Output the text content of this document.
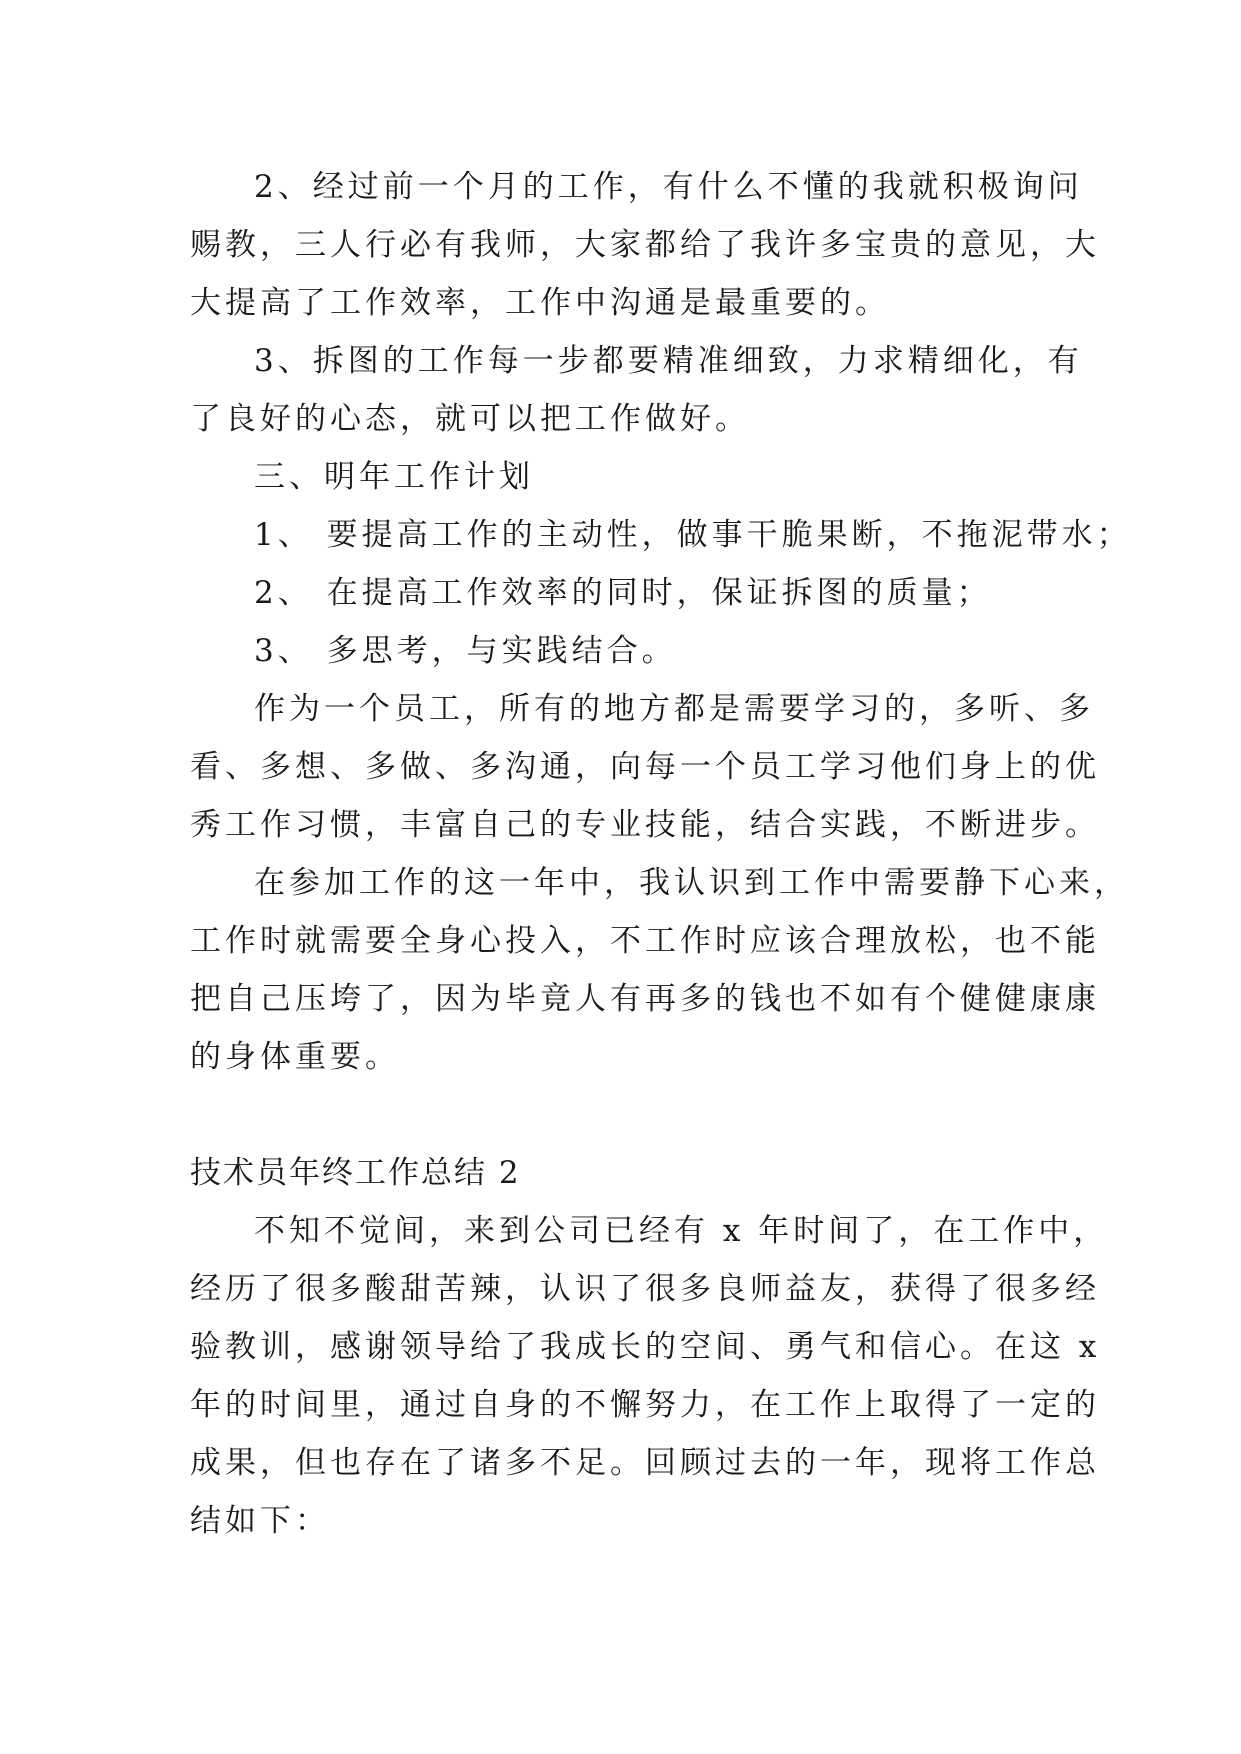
2、经过前一个月的工作，有什么不懂的我就积极询问
赐教，三人行必有我师，大家都给了我许多宝贵的意见，大
大提高了工作效率，工作中沟通是最重要的。
3、拆图的工作每一步都要精准细致，力求精细化，有
了良好的心态，就可以把工作做好。
三、明年工作计划
1、 要提高工作的主动性，做事干脆果断，不拖泥带水；
2、 在提高工作效率的同时，保证拆图的质量；
3、 多思考，与实践结合。
作为一个员工，所有的地方都是需要学习的，多听、多
看、多想、多做、多沟通，向每一个员工学习他们身上的优
秀工作习惯，丰富自己的专业技能，结合实践，不断进步。
在参加工作的这一年中，我认识到工作中需要静下心来，
工作时就需要全身心投入，不工作时应该合理放松，也不能
把自己压垮了，因为毕竟人有再多的钱也不如有个健健康康
的身体重要。
技术员年终工作总结 2
不知不觉间，来到公司已经有 x 年时间了，在工作中，
经历了很多酸甜苦辣，认识了很多良师益友，获得了很多经
验教训，感谢领导给了我成长的空间、勇气和信心。在这 x
年的时间里，通过自身的不懈努力，在工作上取得了一定的
成果，但也存在了诸多不足。回顾过去的一年，现将工作总
结如下：
